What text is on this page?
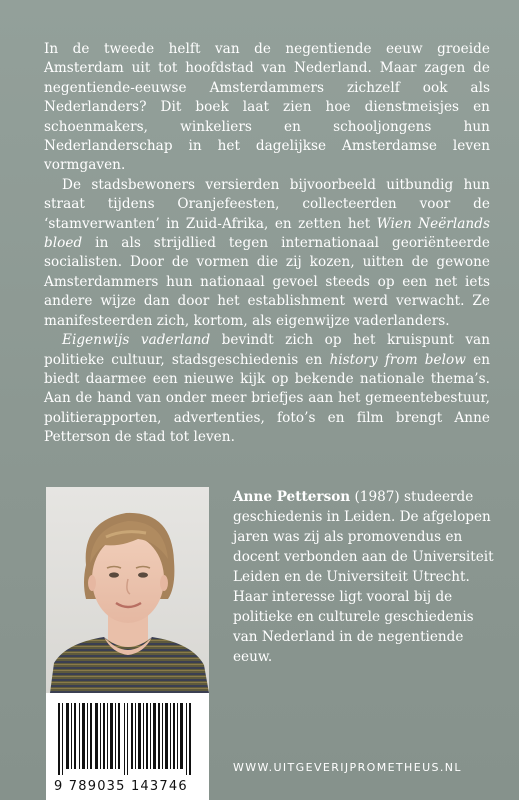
In de tweede helft van de negentiende eeuw groeide Amsterdam uit tot hoofdstad van Nederland. Maar zagen de negentiende-eeuwse Amsterdammers zichzelf ook als Nederlanders? Dit boek laat zien hoe dienstmeisjes en schoenmakers, winkeliers en schooljongens hun Nederlanderschap in het dagelijkse Amsterdamse leven vormgaven.

De stadsbewoners versierden bijvoorbeeld uitbundig hun straat tijdens Oranjefeesten, collecteerden voor de ‘stamverwanten’ in Zuid-Afrika, en zetten het Wien Neërlands bloed in als strijdlied tegen internationaal georiënteerde socialisten. Door de vormen die zij kozen, uitten de gewone Amsterdammers hun nationaal gevoel steeds op een net iets andere wijze dan door het establishment werd verwacht. Ze manifesteerden zich, kortom, als eigenwijze vaderlanders.

Eigenwijs vaderland bevindt zich op het kruispunt van politieke cultuur, stadsgeschiedenis en history from below en biedt daarmee een nieuwe kijk op bekende nationale thema’s. Aan de hand van onder meer briefjes aan het gemeentebestuur, politierapporten, advertenties, foto’s en film brengt Anne Petterson de stad tot leven.

Anne Petterson (1987) studeerde geschiedenis in Leiden. De afgelopen jaren was zij als promovendus en docent verbonden aan de Universiteit Leiden en de Universiteit Utrecht. Haar interesse ligt vooral bij de politieke en culturele geschiedenis van Nederland in de negentiende eeuw.
9 789035 143746
WWW.UITGEVERIJPROMETHEUS.NL
